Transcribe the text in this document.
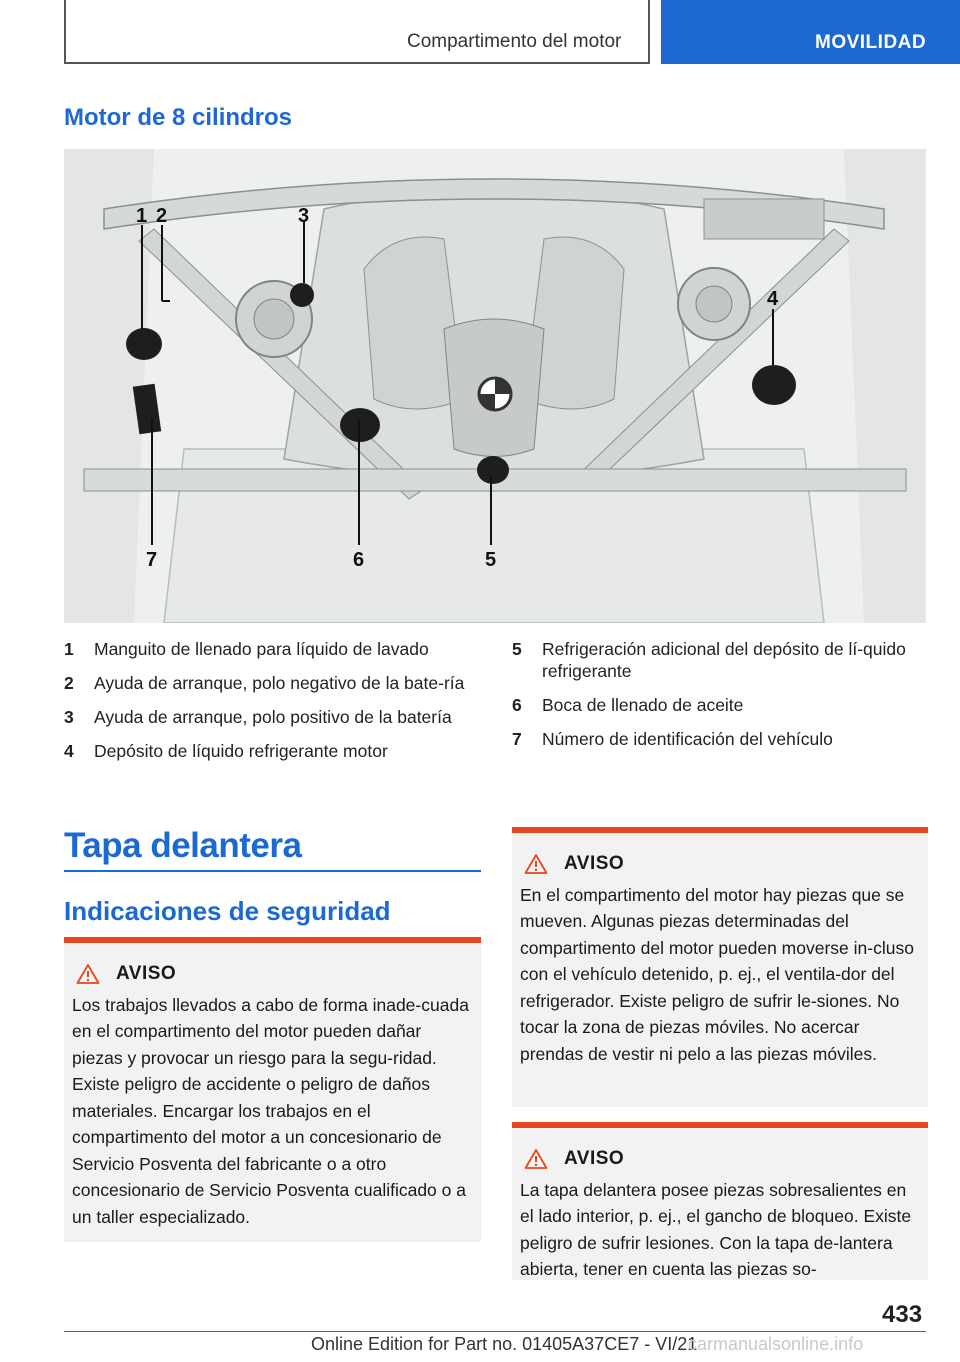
Compartimento del motor	MOVILIDAD
Motor de 8 cilindros
1 2	3
4
5
6
7
1 Manguito de llenado para líquido de lavado
2 Ayuda de arranque, polo negativo de la bate‐ría
3 Ayuda de arranque, polo positivo de la batería
4 Depósito de líquido refrigerante motor
5 Refrigeración adicional del depósito de lí‐quido refrigerante
6 Boca de llenado de aceite
7 Número de identificación del vehículo
Tapa delantera
Indicaciones de seguridad
AVISO
Los trabajos llevados a cabo de forma inade‐cuada en el compartimento del motor pueden dañar piezas y provocar un riesgo para la segu‐ridad. Existe peligro de accidente o peligro de daños materiales. Encargar los trabajos en el compartimento del motor a un concesionario de Servicio Posventa del fabricante o a otro concesionario de Servicio Posventa cualificado o a un taller especializado.
AVISO
En el compartimento del motor hay piezas que se mueven. Algunas piezas determinadas del compartimento del motor pueden moverse in‐cluso con el vehículo detenido, p. ej., el ventila‐dor del refrigerador. Existe peligro de sufrir le‐siones. No tocar la zona de piezas móviles. No acercar prendas de vestir ni pelo a las piezas móviles.
AVISO
La tapa delantera posee piezas sobresalientes en el lado interior, p. ej., el gancho de bloqueo. Existe peligro de sufrir lesiones. Con la tapa de‐lantera abierta, tener en cuenta las piezas so‐
433
Online Edition for Part no. 01405A37CE7 - VI/21
carmanualsonline.info
